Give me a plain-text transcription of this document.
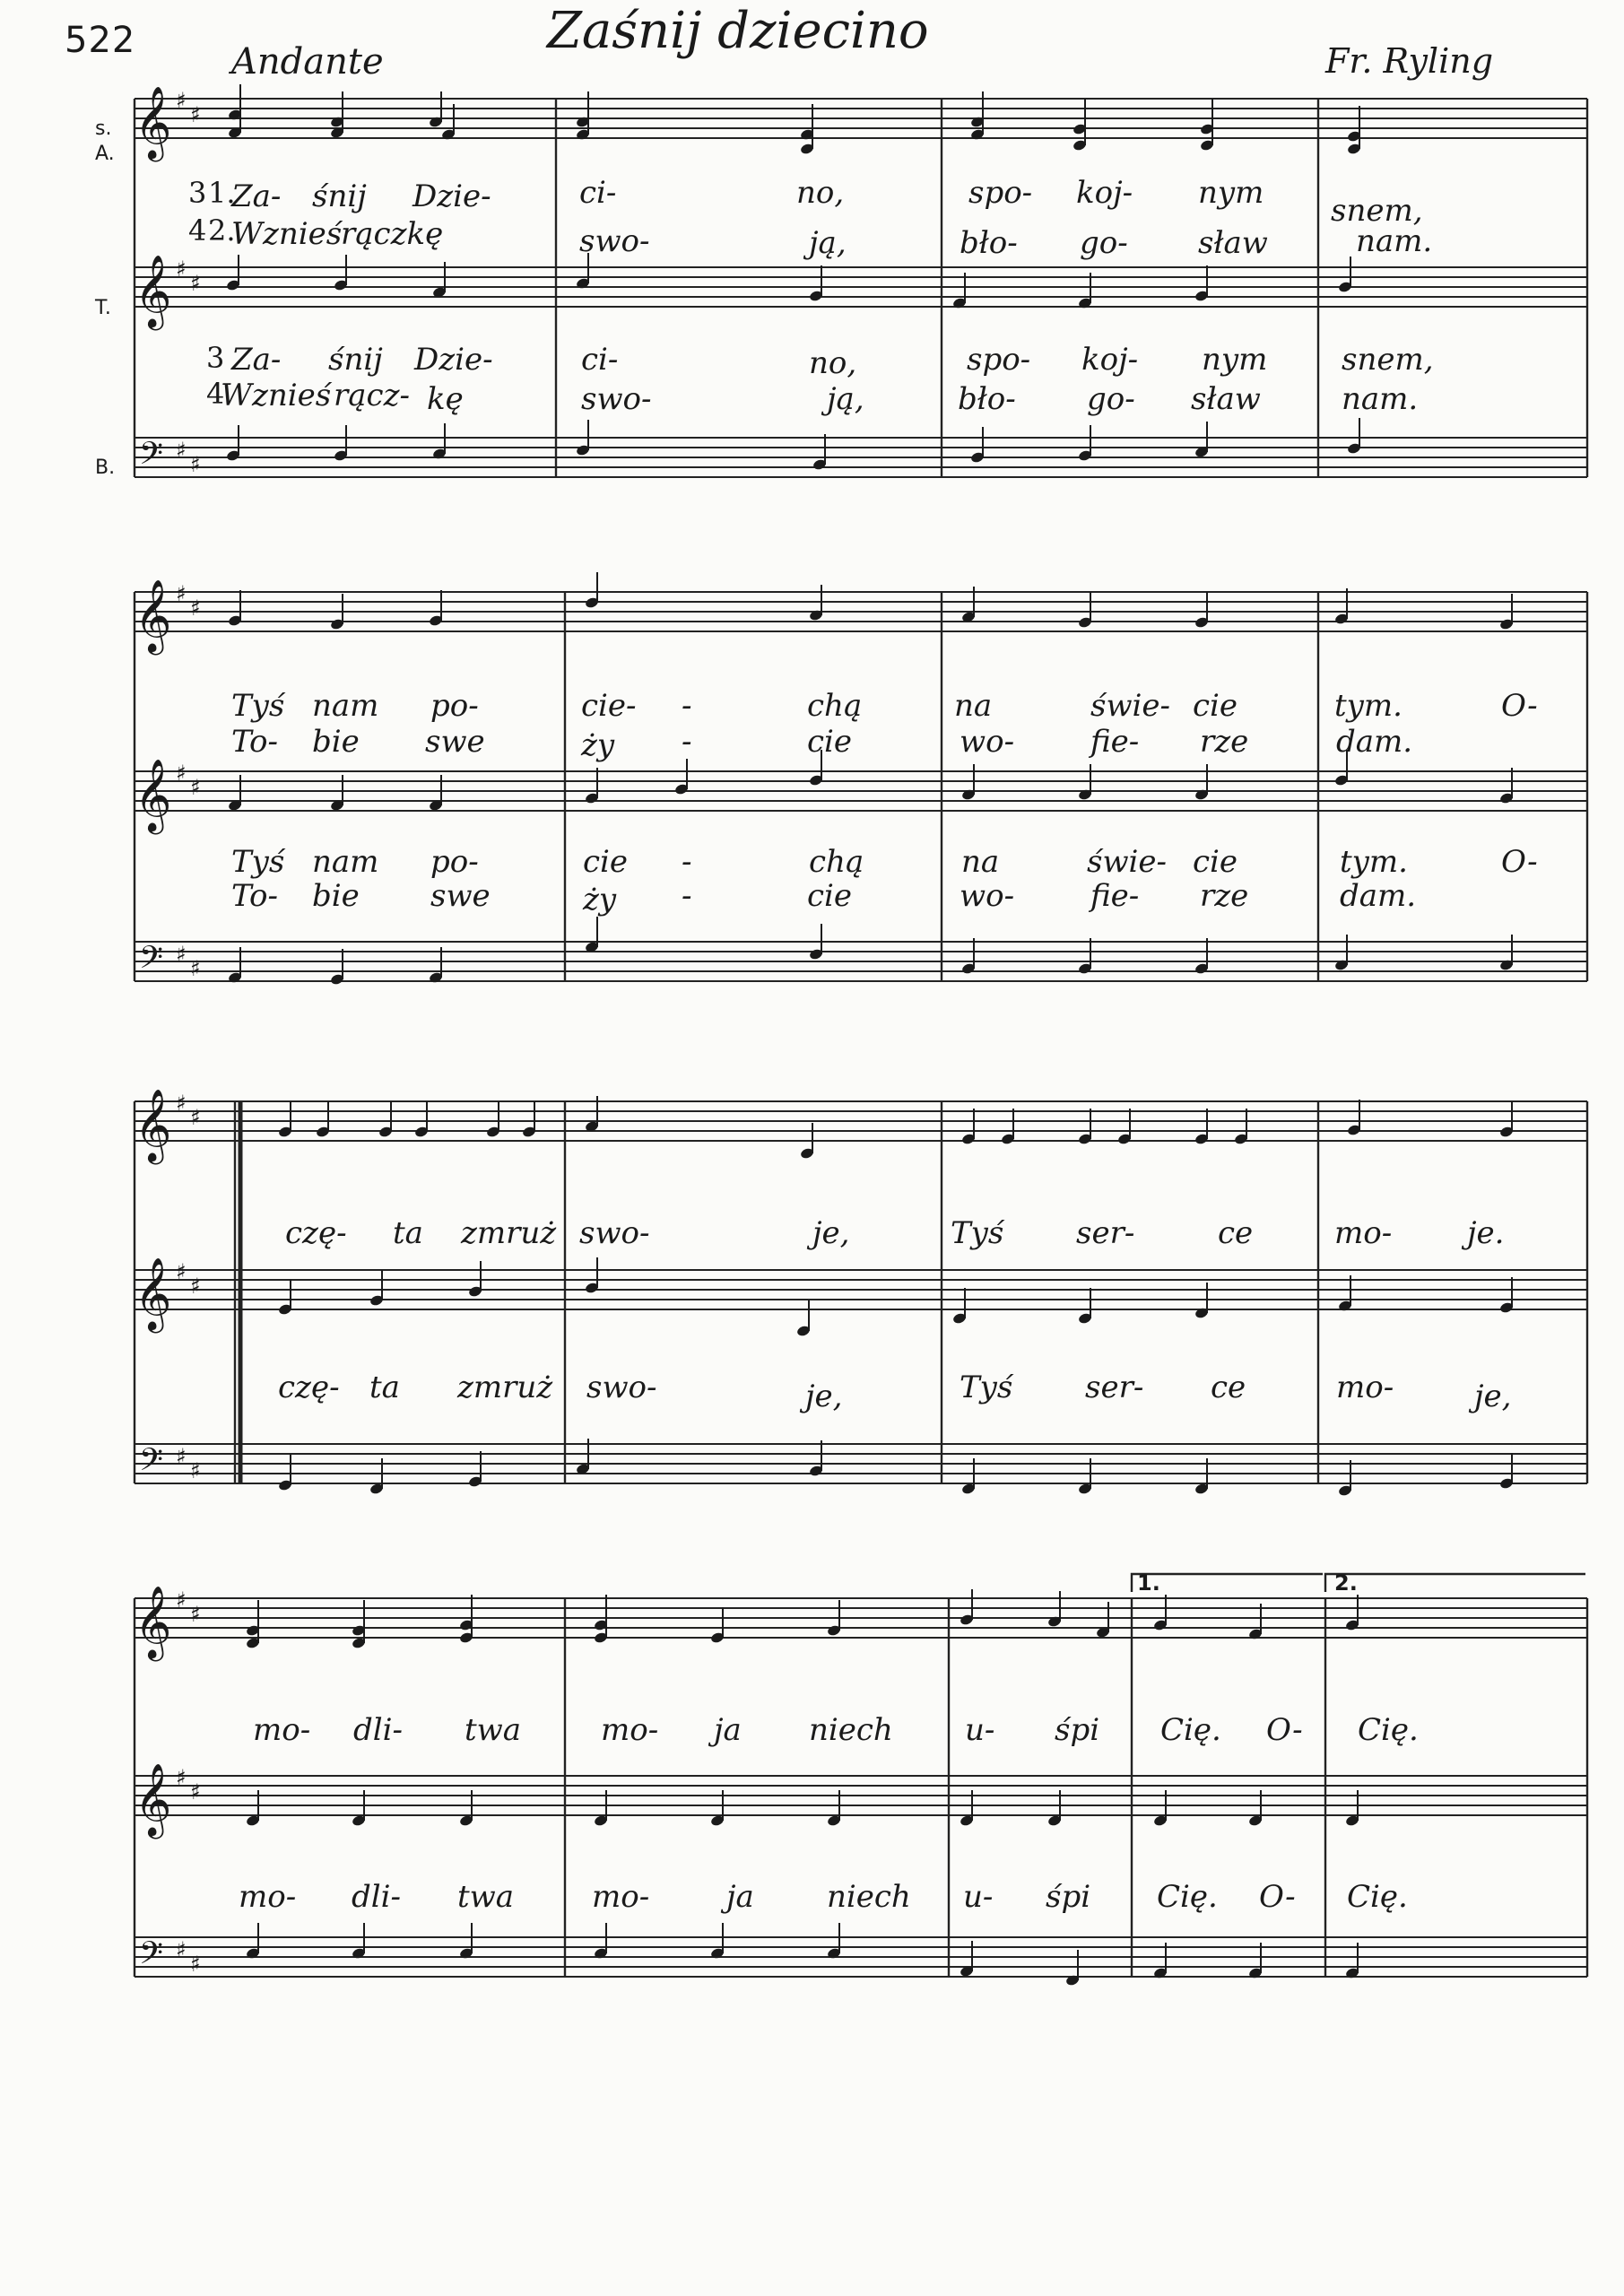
522	Zaśnij dziecino
Andante	Fr. Ryling
𝄞 ♯
♯
𝄞 ♯
♯
𝄢 ♯
♯
𝄞 ♯
♯
𝄞 ♯
♯
𝄢 ♯
♯
𝄞 ♯
♯
𝄞 ♯
♯
𝄢 ♯
♯
𝄞 ♯
♯
𝄞 ♯
♯
𝄢 ♯
♯
s.
A.
T.
B.
3 1.
4 2.
3
4
1.	2.
Za- śnij Dzie-	ci-	no,	spo- koj- nym snem,
Wznieś
rączkę	swo-	ją,	bło- go- sław	nam.
Za- śnij Dzie-	ci-	no,	spo- koj- nym snem,
Wznieś rącz- kę	swo-	ją,	bło- go- sław	nam.
Tyś nam po-	cie- -	chą	na	świe- cie	tym.	O-
To- bie swe	ży -	cie	wo- fie- rze	dam.
Tyś nam po-	cie -	chą	na	świe- cie	tym.	O-
To- bie swe	ży -	cie	wo- fie- rze	dam.
czę- ta zmruż swo-	je,	Tyś ser-	ce	mo- je.
czę- ta zmruż swo-	je,	Tyś ser- ce	mo-	je,
mo- dli- twa	mo- ja niech u- śpi Cię. O- Cię.
mo- dli- twa	mo-	ja niech u- śpi Cię. O- Cię.
